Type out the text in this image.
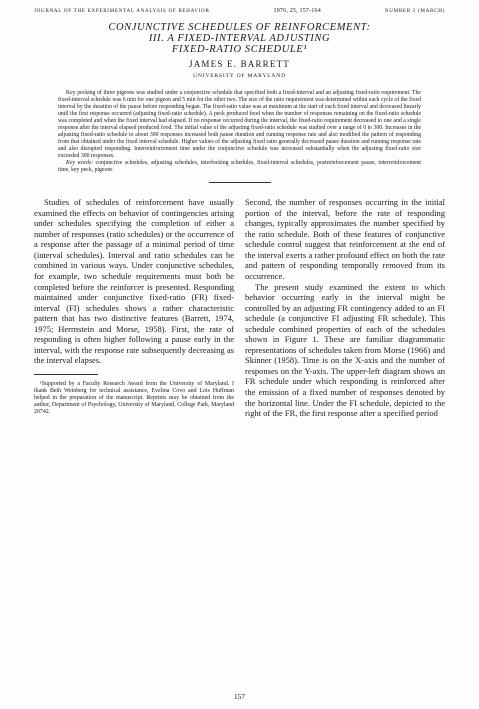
JOURNAL OF THE EXPERIMENTAL ANALYSIS OF BEHAVIOR	1976, 25, 157-164	NUMBER 2 (MARCH)
CONJUNCTIVE SCHEDULES OF REINFORCEMENT:
III. A FIXED-INTERVAL ADJUSTING
FIXED-RATIO SCHEDULE¹
JAMES E. BARRETT
UNIVERSITY OF MARYLAND

Key pecking of three pigeons was studied under a conjunctive schedule that specified both a fixed-interval and an adjusting fixed-ratio requirement. The fixed-interval schedule was 6 min for one pigeon and 5 min for the other two. The size of the ratio requirement was determined within each cycle of the fixed interval by the duration of the pause before responding began. The fixed-ratio value was at maximum at the start of each fixed interval and decreased linearly until the first response occurred (adjusting fixed-ratio schedule). A peck produced food when the number of responses remaining on the fixed-ratio schedule was completed and when the fixed interval had elapsed. If no response occurred during the interval, the fixed-ratio requirement decreased to one and a single response after the interval elapsed produced food. The initial value of the adjusting fixed-ratio schedule was studied over a range of 0 to 300. Increases in the adjusting fixed-ratio schedule to about 300 responses increased both pause duration and running response rate and also modified the pattern of responding from that obtained under the fixed interval schedule. Higher values of the adjusting fixed ratio generally decreased pause duration and running response rate and also disrupted responding. Interreinforcement time under the conjunctive schedule was increased substantially when the adjusting fixed-ratio size exceeded 300 responses.

Key words: conjunctive schedules, adjusting schedules, interlocking schedules, fixed-interval schedules, postreinforcement pause, interreinforcement time, key peck, pigeons

Studies of schedules of reinforcement have usually examined the effects on behavior of contingencies arising under schedules specifying the completion of either a number of responses (ratio schedules) or the occurrence of a response after the passage of a minimal period of time (interval schedules). Interval and ratio schedules can be combined in various ways. Under conjunctive schedules, for example, two schedule requirements must both be completed before the reinforcer is presented. Responding maintained under conjunctive fixed-ratio (FR) fixed-interval (FI) schedules shows a rather characteristic pattern that has two distinctive features (Barrett, 1974, 1975; Herrnstein and Morse, 1958). First, the rate of responding is often higher following a pause early in the interval, with the response rate subsequently decreasing as the interval elapses.

¹Supported by a Faculty Research Award from the University of Maryland. I thank Beth Weinberg for technical assistance, Evelina Covo and Lois Huffman helped in the preparation of the manuscript. Reprints may be obtained from the author, Department of Psychology, University of Maryland, College Park, Maryland 20742.

Second, the number of responses occurring in the initial portion of the interval, before the rate of responding changes, typically approximates the number specified by the ratio schedule. Both of these features of conjunctive schedule control suggest that reinforcement at the end of the interval exerts a rather profound effect on both the rate and pattern of responding temporally removed from its occurrence.

The present study examined the extent to which behavior occurring early in the interval might be controlled by an adjusting FR contingency added to an FI schedule (a conjunctive FI adjusting FR schedule). This schedule combined properties of each of the schedules shown in Figure 1. These are familiar diagrammatic representations of schedules taken from Morse (1966) and Skinner (1958). Time is on the X-axis and the number of responses on the Y-axis. The upper-left diagram shows an FR schedule under which responding is reinforced after the emission of a fixed number of responses denoted by the horizontal line. Under the FI schedule, depicted to the right of the FR, the first response after a specified period

157
